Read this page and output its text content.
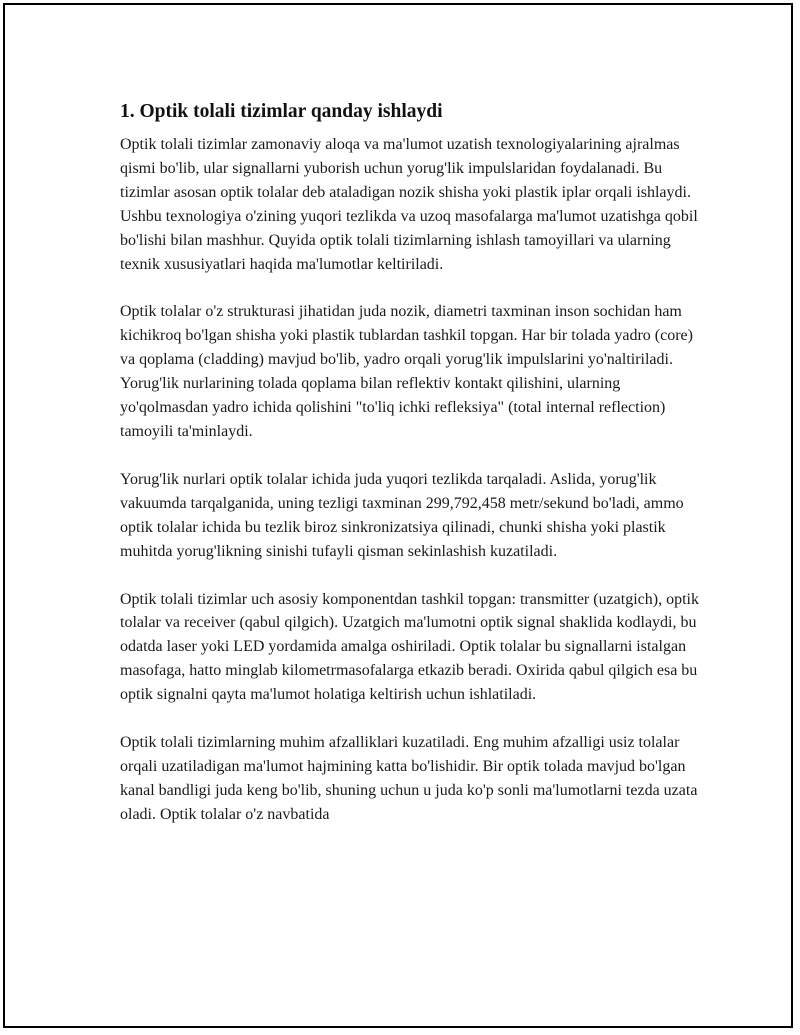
1. Optik tolali tizimlar qanday ishlaydi

Optik tolali tizimlar zamonaviy aloqa va ma'lumot uzatish texnologiyalarining ajralmas qismi bo'lib, ular signallarni yuborish uchun yorug'lik impulslaridan foydalanadi. Bu tizimlar asosan optik tolalar deb ataladigan nozik shisha yoki plastik iplar orqali ishlaydi. Ushbu texnologiya o'zining yuqori tezlikda va uzoq masofalarga ma'lumot uzatishga qobil bo'lishi bilan mashhur. Quyida optik tolali tizimlarning ishlash tamoyillari va ularning texnik xususiyatlari haqida ma'lumotlar keltiriladi.

Optik tolalar o'z strukturasi jihatidan juda nozik, diametri taxminan inson sochidan ham kichikroq bo'lgan shisha yoki plastik tublardan tashkil topgan. Har bir tolada yadro (core) va qoplama (cladding) mavjud bo'lib, yadro orqali yorug'lik impulslarini yo'naltiriladi. Yorug'lik nurlarining tolada qoplama bilan reflektiv kontakt qilishini, ularning yo'qolmasdan yadro ichida qolishini "to'liq ichki refleksiya" (total internal reflection) tamoyili ta'minlaydi.

Yorug'lik nurlari optik tolalar ichida juda yuqori tezlikda tarqaladi. Aslida, yorug'lik vakuumda tarqalganida, uning tezligi taxminan 299,792,458 metr/sekund bo'ladi, ammo optik tolalar ichida bu tezlik biroz sinkronizatsiya qilinadi, chunki shisha yoki plastik muhitda yorug'likning sinishi tufayli qisman sekinlashish kuzatiladi.

Optik tolali tizimlar uch asosiy komponentdan tashkil topgan: transmitter (uzatgich), optik tolalar va receiver (qabul qilgich). Uzatgich ma'lumotni optik signal shaklida kodlaydi, bu odatda laser yoki LED yordamida amalga oshiriladi. Optik tolalar bu signallarni istalgan masofaga, hatto minglab kilometrmasofalarga etkazib beradi. Oxirida qabul qilgich esa bu optik signalni qayta ma'lumot holatiga keltirish uchun ishlatiladi.

Optik tolali tizimlarning muhim afzalliklari kuzatiladi. Eng muhim afzalligi usiz tolalar orqali uzatiladigan ma'lumot hajmining katta bo'lishidir. Bir optik tolada mavjud bo'lgan kanal bandligi juda keng bo'lib, shuning uchun u juda ko'p sonli ma'lumotlarni tezda uzata oladi. Optik tolalar o'z navbatida
